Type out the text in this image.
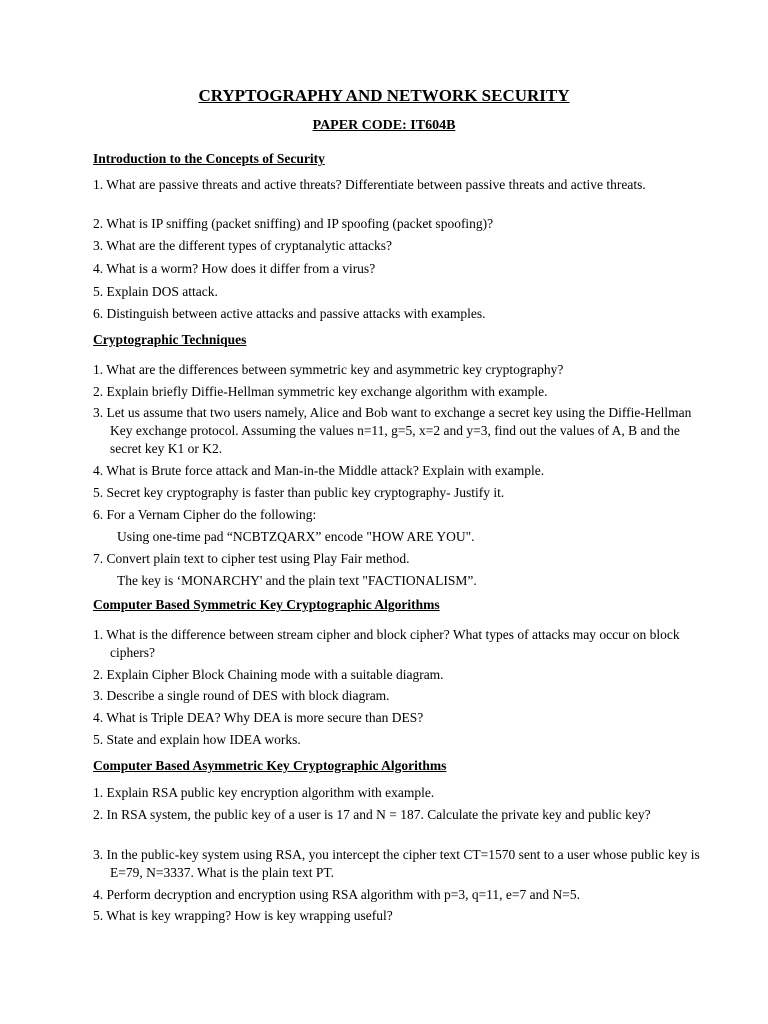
CRYPTOGRAPHY AND NETWORK SECURITY

PAPER CODE: IT604B

Introduction to the Concepts of Security

1. What are passive threats and active threats? Differentiate between passive threats and active threats.

2. What is IP sniffing (packet sniffing) and IP spoofing (packet spoofing)?

3. What are the different types of cryptanalytic attacks?

4. What is a worm? How does it differ from a virus?

5. Explain DOS attack.

6. Distinguish between active attacks and passive attacks with examples.

Cryptographic Techniques

1. What are the differences between symmetric key and asymmetric key cryptography?

2. Explain briefly Diffie-Hellman symmetric key exchange algorithm with example.

3. Let us assume that two users namely, Alice and Bob want to exchange a secret key using the Diffie-Hellman Key exchange protocol. Assuming the values n=11, g=5, x=2 and y=3, find out the values of A, B and the secret key K1 or K2.

4. What is Brute force attack and Man-in-the Middle attack? Explain with example.

5. Secret key cryptography is faster than public key cryptography- Justify it.

6. For a Vernam Cipher do the following:

Using one-time pad “NCBTZQARX” encode "HOW ARE YOU".

7. Convert plain text to cipher test using Play Fair method.

The key is ‘MONARCHY' and the plain text "FACTIONALISM”.

Computer Based Symmetric Key Cryptographic Algorithms

1. What is the difference between stream cipher and block cipher? What types of attacks may occur on block ciphers?

2. Explain Cipher Block Chaining mode with a suitable diagram.

3. Describe a single round of DES with block diagram.

4. What is Triple DEA? Why DEA is more secure than DES?

5. State and explain how IDEA works.

Computer Based Asymmetric Key Cryptographic Algorithms

1. Explain RSA public key encryption algorithm with example.

2. In RSA system, the public key of a user is 17 and N = 187. Calculate the private key and public key?

3. In the public-key system using RSA, you intercept the cipher text CT=1570 sent to a user whose public key is E=79, N=3337. What is the plain text PT.

4. Perform decryption and encryption using RSA algorithm with p=3, q=11, e=7 and N=5.

5. What is key wrapping? How is key wrapping useful?
